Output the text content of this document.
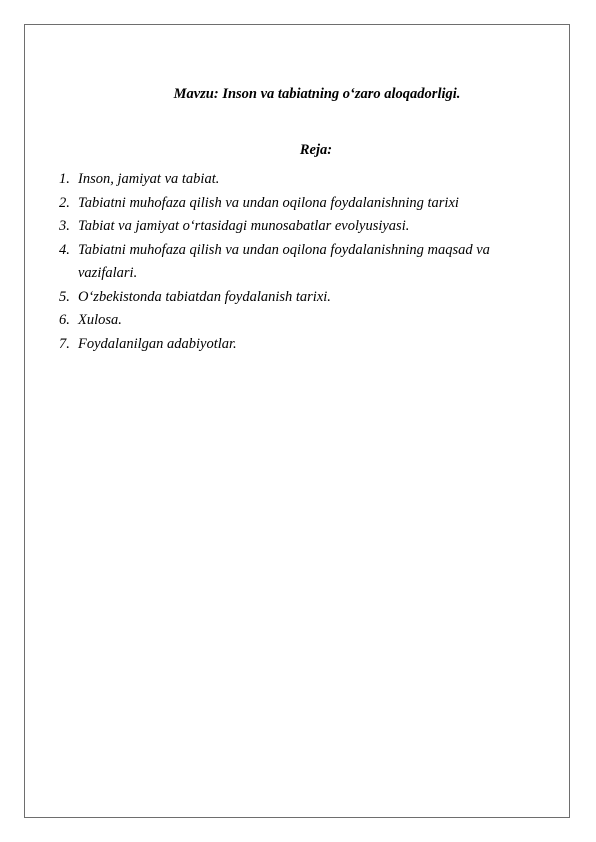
Mavzu: Inson va tabiatning o‘zaro aloqadorligi.
Reja:
1. Inson, jamiyat va tabiat.
2. Tabiatni muhofaza qilish va undan oqilona foydalanishning tarixi
3. Tabiat va jamiyat o‘rtasidagi munosabatlar evolyusiyasi.
4. Tabiatni muhofaza qilish va undan oqilona foydalanishning maqsad va vazifalari.
5. O‘zbekistonda tabiatdan foydalanish tarixi.
6. Xulosa.
7. Foydalanilgan adabiyotlar.
